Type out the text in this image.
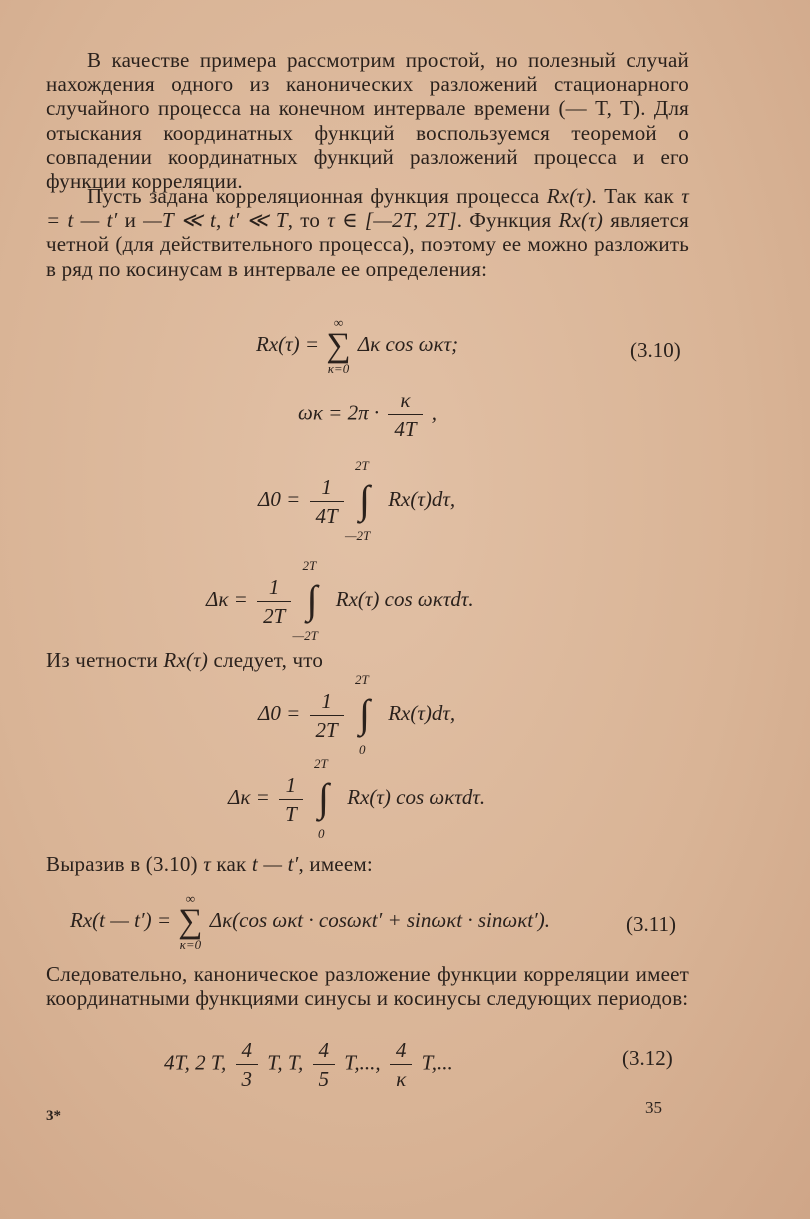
В качестве примера рассмотрим простой, но полезный случай нахождения одного из канонических разложений стационарного случайного процесса на конечном интервале времени (— T, T). Для отыскания координатных функций воспользуемся теоремой о совпадении координатных функций разложений процесса и его функции корреляции.
Пусть задана корреляционная функция процесса Rx(τ). Так как τ = t — t′ и —T ≪ t, t′ ≪ T, то τ ∈ [—2T, 2T]. Функция Rx(τ) является четной (для действительного процесса), поэтому ее можно разложить в ряд по косинусам в интервале ее определения:
Rx(τ) =
∞
∑
κ=0
Δκ cos ωκτ;	(3.10)
$\omega\kappa = 2\pi \cdot \frac{\kappa}{4T}$ ,
$\Delta 0 = \frac{1}{4T}$

2T
∫
—2T
Rx(τ)dτ,
$\Delta\kappa = \frac{1}{2T}$

2T
∫
—2T
Rx(τ) cos ωκτdτ.
Из четности Rx(τ) следует, что
$\Delta 0 = \frac{1}{2T}$

2T
∫
0
Rx(τ)dτ,
$\Delta\kappa = \frac{1}{T}$

2T
∫
0
Rx(τ) cos ωκτdτ.
Выразив в (3.10) τ как t — t′, имеем:
Rx(t — t′) =
∞
∑
κ=0
Δκ(cos ωκt · cosωκt′ + sinωκt · sinωκt′).	(3.11)
Следовательно, каноническое разложение функции корреляции имеет координатными функциями синусы и косинусы следующих периодов:
4T, 2 T, $\frac{4}{3} T$, T, $\frac{4}{5} T$,..., $\frac{4}{\kappa} T$,...	(3.12)
3*	35
